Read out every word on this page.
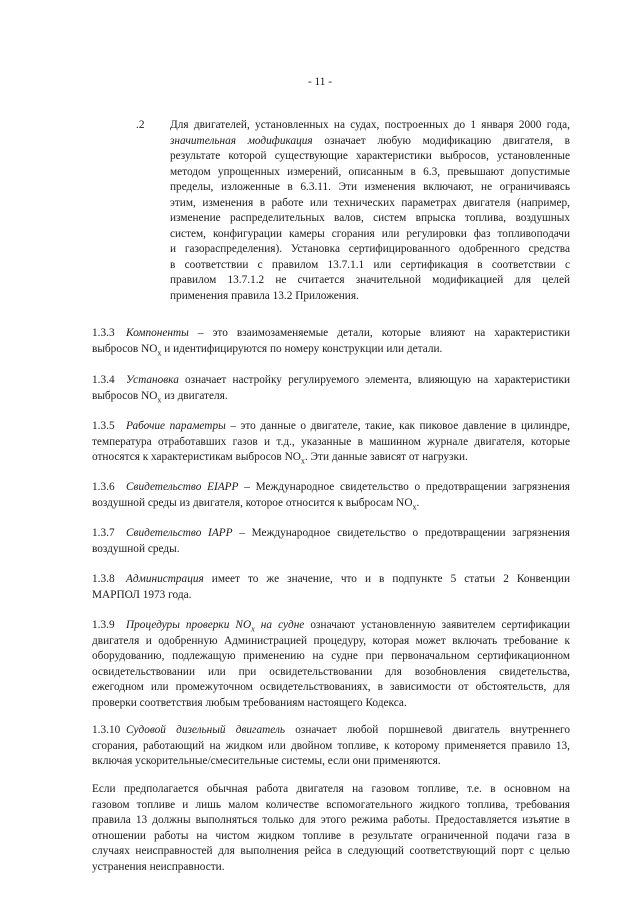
- 11 -
.2 Для двигателей, установленных на судах, построенных до 1 января 2000 года,
значительная модификация означает любую модификацию двигателя, в
результате которой существующие характеристики выбросов, установленные
методом упрощенных измерений, описанным в 6.3, превышают допустимые
пределы, изложенные в 6.3.11. Эти изменения включают, не ограничиваясь
этим, изменения в работе или технических параметрах двигателя (например,
изменение распределительных валов, систем впрыска топлива, воздушных
систем, конфигурации камеры сгорания или регулировки фаз топливоподачи
и газораспределения). Установка сертифицированного одобренного средства
в соответствии с правилом 13.7.1.1 или сертификация в соответствии с
правилом 13.7.1.2 не считается значительной модификацией для целей
применения правила 13.2 Приложения.
1.3.3 Компоненты – это взаимозаменяемые детали, которые влияют на характеристики
выбросов $NO_x$ и идентифицируются по номеру конструкции или детали.
1.3.4 Установка означает настройку регулируемого элемента, влияющую на характеристики
выбросов $NO_x$ из двигателя.
1.3.5 Рабочие параметры – это данные о двигателе, такие, как пиковое давление в цилиндре,
температура отработавших газов и т.д., указанные в машинном журнале двигателя, которые
относятся к характеристикам выбросов $NO_x$. Эти данные зависят от нагрузки.
1.3.6 Свидетельство EIAPP – Международное свидетельство о предотвращении загрязнения
воздушной среды из двигателя, которое относится к выбросам $NO_x$.
1.3.7 Свидетельство IAPP – Международное свидетельство о предотвращении загрязнения
воздушной среды.
1.3.8 Администрация имеет то же значение, что и в подпункте 5 статьи 2 Конвенции
МАРПОЛ 1973 года.
1.3.9 Процедуры проверки $NO_x$ на судне означают установленную заявителем сертификации
двигателя и одобренную Администрацией процедуру, которая может включать требование к
оборудованию, подлежащую применению на судне при первоначальном сертификационном
освидетельствовании или при освидетельствовании для возобновления свидетельства,
ежегодном или промежуточном освидетельствованиях, в зависимости от обстоятельств, для
проверки соответствия любым требованиям настоящего Кодекса.
1.3.10 Судовой дизельный двигатель означает любой поршневой двигатель внутреннего
сгорания, работающий на жидком или двойном топливе, к которому применяется правило 13,
включая ускорительные/смесительные системы, если они применяются.
Если предполагается обычная работа двигателя на газовом топливе, т.е. в основном на
газовом топливе и лишь малом количестве вспомогательного жидкого топлива, требования
правила 13 должны выполняться только для этого режима работы. Предоставляется изъятие в
отношении работы на чистом жидком топливе в результате ограниченной подачи газа в
случаях неисправностей для выполнения рейса в следующий соответствующий порт с целью
устранения неисправности.
